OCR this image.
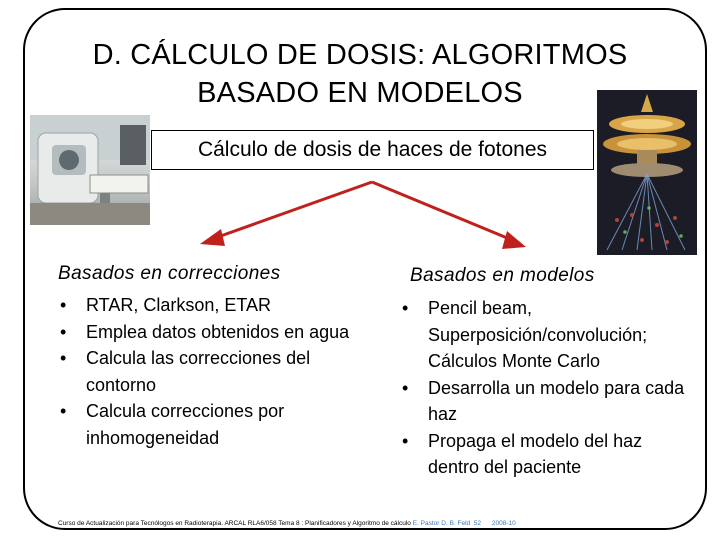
D. CÁLCULO DE DOSIS: ALGORITMOS
BASADO EN MODELOS
Cálculo de dosis de haces de fotones
Basados en correcciones	Basados en modelos
• RTAR, Clarkson, ETAR
• Emplea datos obtenidos en agua
• Calcula las correcciones del contorno
• Calcula correcciones por inhomogeneidad
• Pencil beam, Superposición/convolución; Cálculos Monte Carlo
• Desarrolla un modelo para cada haz
• Propaga el modelo del haz dentro del paciente
Curso de Actualización para Tecnólogos en Radioterapia. ARCAL RLA6/058 Tema 8 : Planificadores y Algoritmo de cálculo E. Pastor D. B. Feld 52 2008-10
